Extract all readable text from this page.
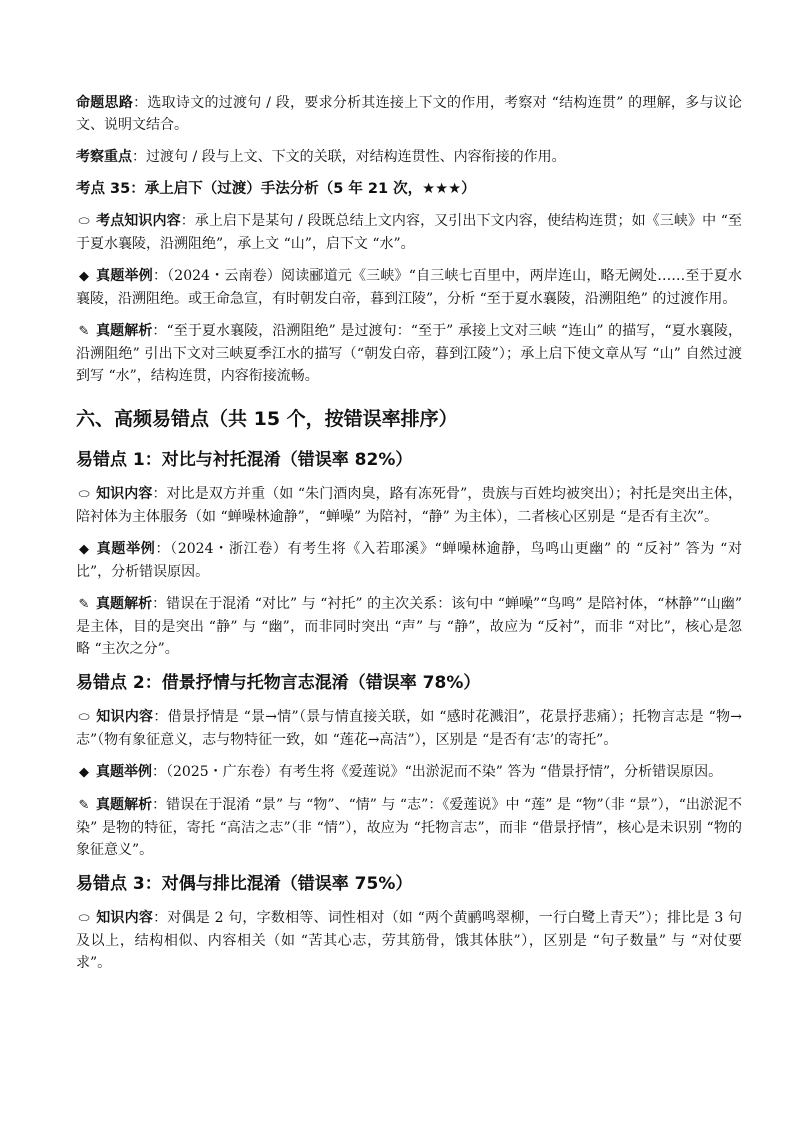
命题思路：选取诗文的过渡句 / 段，要求分析其连接上下文的作用，考察对 “结构连贯” 的理解，多与议论文、说明文结合。

考察重点：过渡句 / 段与上文、下文的关联，对结构连贯性、内容衔接的作用。

考点 35：承上启下（过渡）手法分析（5 年 21 次，★★★）

⬭ 考点知识内容：承上启下是某句 / 段既总结上文内容，又引出下文内容，使结构连贯；如《三峡》中 “至于夏水襄陵，沿溯阻绝”，承上文 “山”，启下文 “水”。

◆ 真题举例：（2024・云南卷）阅读郦道元《三峡》“自三峡七百里中，两岸连山，略无阙处……至于夏水襄陵，沿溯阻绝。或王命急宣，有时朝发白帝，暮到江陵”，分析 “至于夏水襄陵，沿溯阻绝” 的过渡作用。

✎ 真题解析：“至于夏水襄陵，沿溯阻绝” 是过渡句：“至于” 承接上文对三峡 “连山” 的描写，“夏水襄陵，沿溯阻绝” 引出下文对三峡夏季江水的描写（“朝发白帝，暮到江陵”）；承上启下使文章从写 “山” 自然过渡到写 “水”，结构连贯，内容衔接流畅。

六、高频易错点（共 15 个，按错误率排序）

易错点 1：对比与衬托混淆（错误率 82%）

⬭ 知识内容：对比是双方并重（如 “朱门酒肉臭，路有冻死骨”，贵族与百姓均被突出）；衬托是突出主体，陪衬体为主体服务（如 “蝉噪林逾静”，“蝉噪” 为陪衬，“静” 为主体），二者核心区别是 “是否有主次”。

◆ 真题举例：（2024・浙江卷）有考生将《入若耶溪》“蝉噪林逾静，鸟鸣山更幽” 的 “反衬” 答为 “对比”，分析错误原因。

✎ 真题解析：错误在于混淆 “对比” 与 “衬托” 的主次关系：该句中 “蝉噪”“鸟鸣” 是陪衬体，“林静”“山幽” 是主体，目的是突出 “静” 与 “幽”，而非同时突出 “声” 与 “静”，故应为 “反衬”，而非 “对比”，核心是忽略 “主次之分”。

易错点 2：借景抒情与托物言志混淆（错误率 78%）

⬭ 知识内容：借景抒情是 “景→情”（景与情直接关联，如 “感时花溅泪”，花景抒悲痛）；托物言志是 “物→志”（物有象征意义，志与物特征一致，如 “莲花→高洁”），区别是 “是否有‘志’的寄托”。

◆ 真题举例：（2025・广东卷）有考生将《爱莲说》“出淤泥而不染” 答为 “借景抒情”，分析错误原因。

✎ 真题解析：错误在于混淆 “景” 与 “物”、“情” 与 “志”：《爱莲说》中 “莲” 是 “物”（非 “景”），“出淤泥不染” 是物的特征，寄托 “高洁之志”（非 “情”），故应为 “托物言志”，而非 “借景抒情”，核心是未识别 “物的象征意义”。

易错点 3：对偶与排比混淆（错误率 75%）

⬭ 知识内容：对偶是 2 句，字数相等、词性相对（如 “两个黄鹂鸣翠柳，一行白鹭上青天”）；排比是 3 句及以上，结构相似、内容相关（如 “苦其心志，劳其筋骨，饿其体肤”），区别是 “句子数量” 与 “对仗要求”。
